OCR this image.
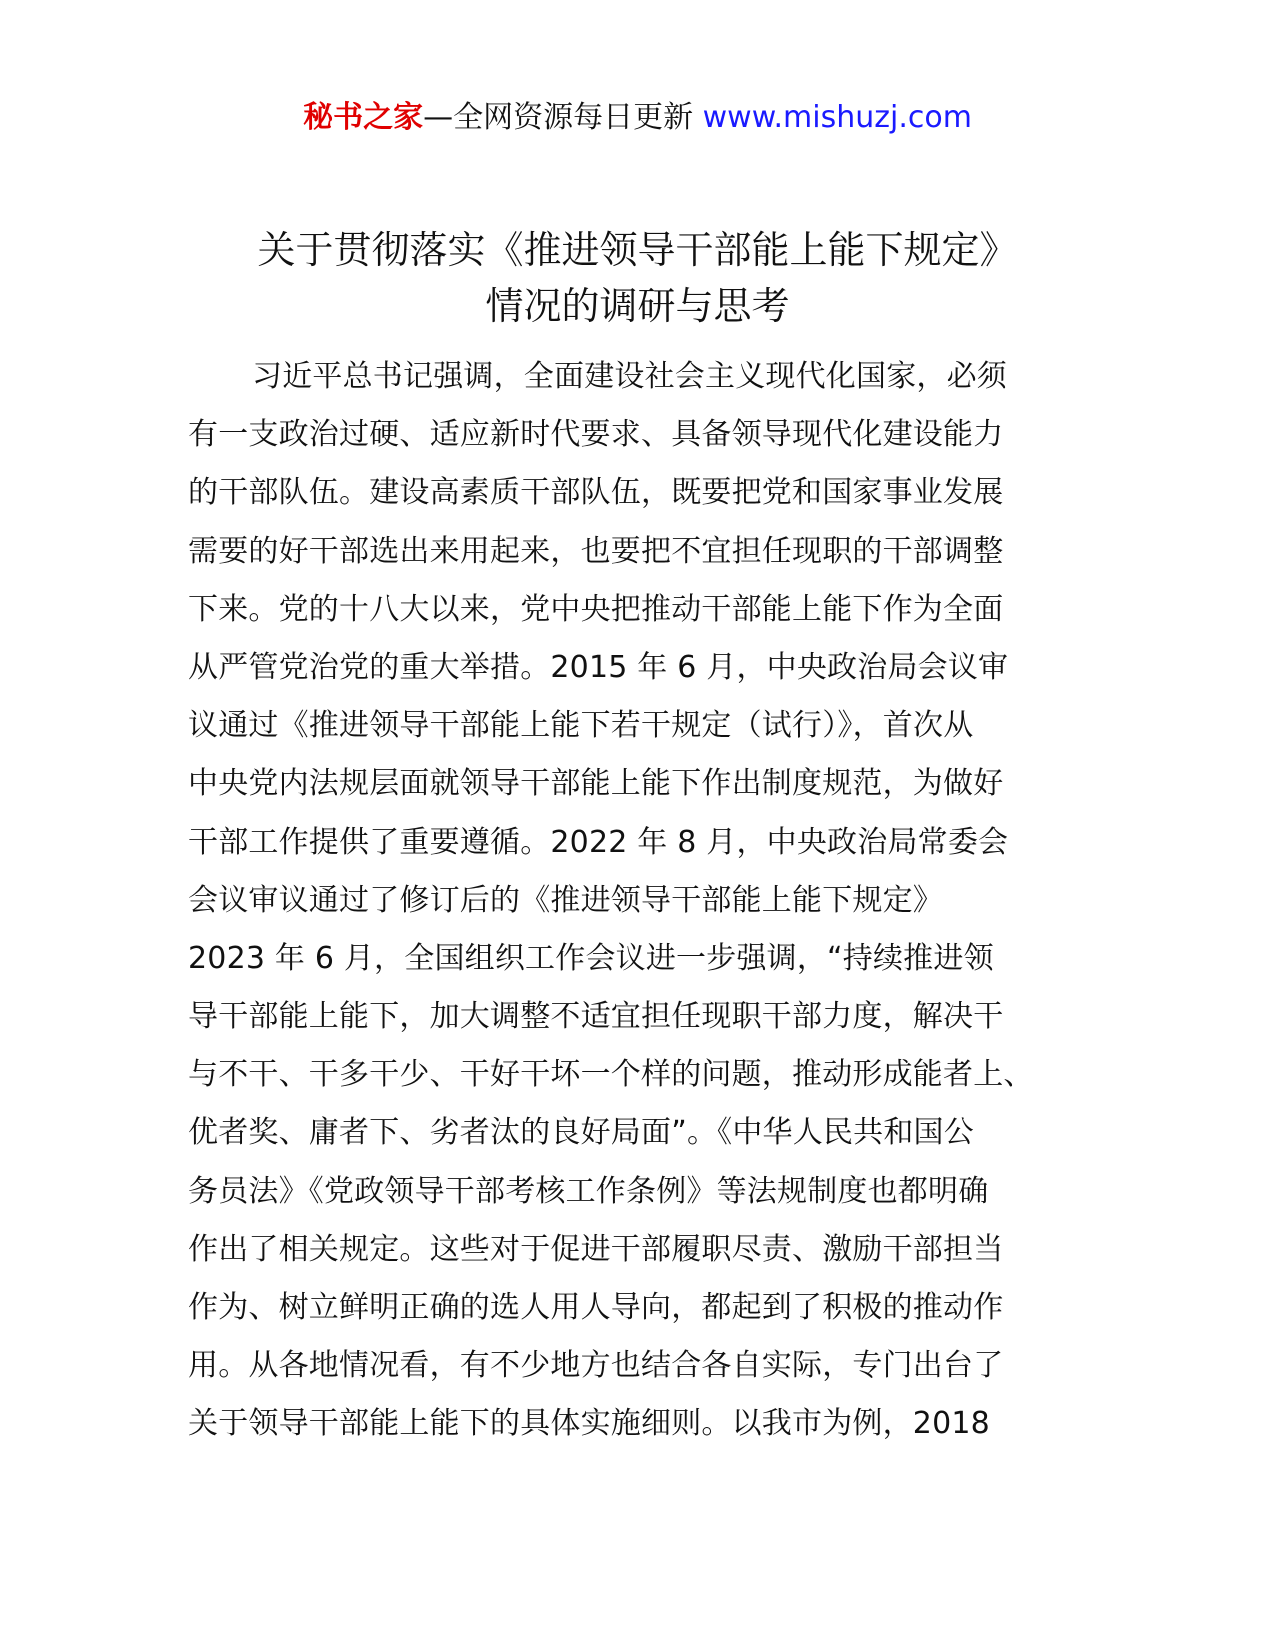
秘书之家—全网资源每日更新 www.mishuzj.com
关于贯彻落实《推进领导干部能上能下规定》
情况的调研与思考
习近平总书记强调，全面建设社会主义现代化国家，必须
有一支政治过硬、适应新时代要求、具备领导现代化建设能力
的干部队伍。建设高素质干部队伍，既要把党和国家事业发展
需要的好干部选出来用起来，也要把不宜担任现职的干部调整
下来。党的十八大以来，党中央把推动干部能上能下作为全面
从严管党治党的重大举措。2015 年 6 月，中央政治局会议审
议通过《推进领导干部能上能下若干规定（试行）》，首次从
中央党内法规层面就领导干部能上能下作出制度规范，为做好
干部工作提供了重要遵循。2022 年 8 月，中央政治局常委会
会议审议通过了修订后的《推进领导干部能上能下规定》
2023 年 6 月，全国组织工作会议进一步强调，“持续推进领
导干部能上能下，加大调整不适宜担任现职干部力度，解决干
与不干、干多干少、干好干坏一个样的问题，推动形成能者上、
优者奖、庸者下、劣者汰的良好局面”。《中华人民共和国公
务员法》《党政领导干部考核工作条例》等法规制度也都明确
作出了相关规定。这些对于促进干部履职尽责、激励干部担当
作为、树立鲜明正确的选人用人导向，都起到了积极的推动作
用。从各地情况看，有不少地方也结合各自实际，专门出台了
关于领导干部能上能下的具体实施细则。以我市为例，2018
